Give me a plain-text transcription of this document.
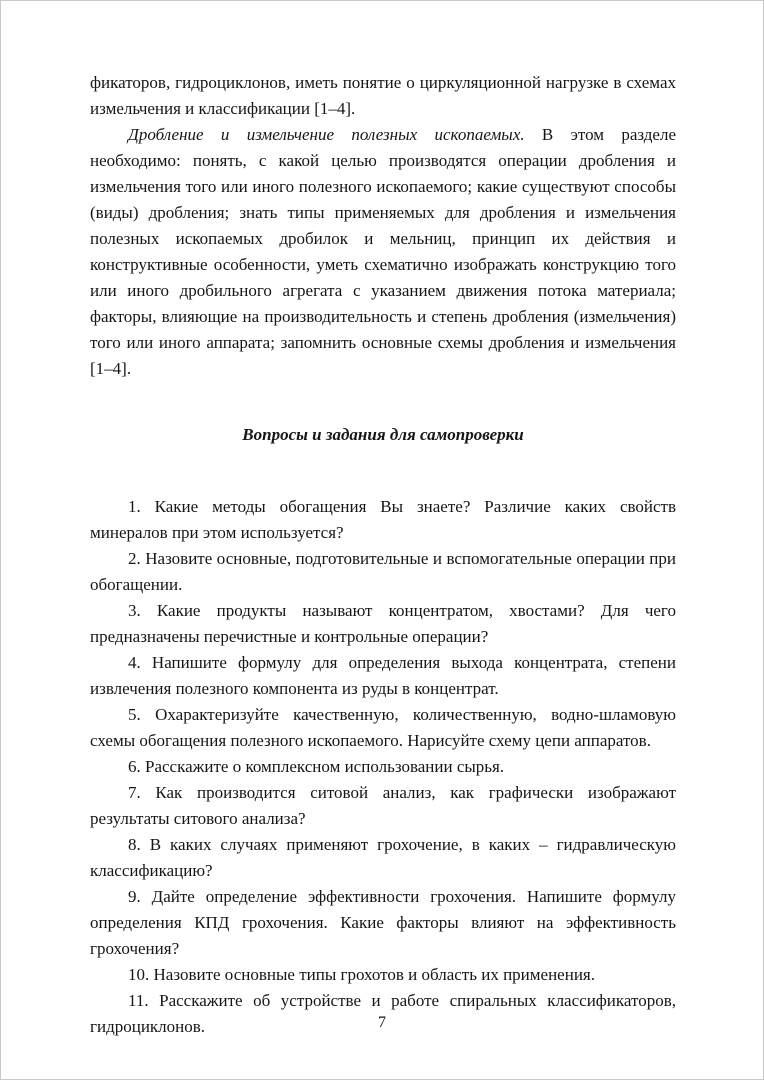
фикаторов, гидроциклонов, иметь понятие о циркуляционной нагрузке в схемах измельчения и классификации [1–4].

Дробление и измельчение полезных ископаемых. В этом разделе необходимо: понять, с какой целью производятся операции дробления и измельчения того или иного полезного ископаемого; какие существуют способы (виды) дробления; знать типы применяемых для дробления и измельчения полезных ископаемых дробилок и мельниц, принцип их действия и конструктивные особенности, уметь схематично изображать конструкцию того или иного дробильного агрегата с указанием движения потока материала; факторы, влияющие на производительность и степень дробления (измельчения) того или иного аппарата; запомнить основные схемы дробления и измельчения [1–4].

Вопросы и задания для самопроверки

1. Какие методы обогащения Вы знаете? Различие каких свойств минералов при этом используется?

2. Назовите основные, подготовительные и вспомогательные операции при обогащении.

3. Какие продукты называют концентратом, хвостами? Для чего предназначены перечистные и контрольные операции?

4. Напишите формулу для определения выхода концентрата, степени извлечения полезного компонента из руды в концентрат.

5. Охарактеризуйте качественную, количественную, водно-шламовую схемы обогащения полезного ископаемого. Нарисуйте схему цепи аппаратов.

6. Расскажите о комплексном использовании сырья.

7. Как производится ситовой анализ, как графически изображают результаты ситового анализа?

8. В каких случаях применяют грохочение, в каких – гидравлическую классификацию?

9. Дайте определение эффективности грохочения. Напишите формулу определения КПД грохочения. Какие факторы влияют на эффективность грохочения?

10. Назовите основные типы грохотов и область их применения.

11. Расскажите об устройстве и работе спиральных классификаторов, гидроциклонов.	7
